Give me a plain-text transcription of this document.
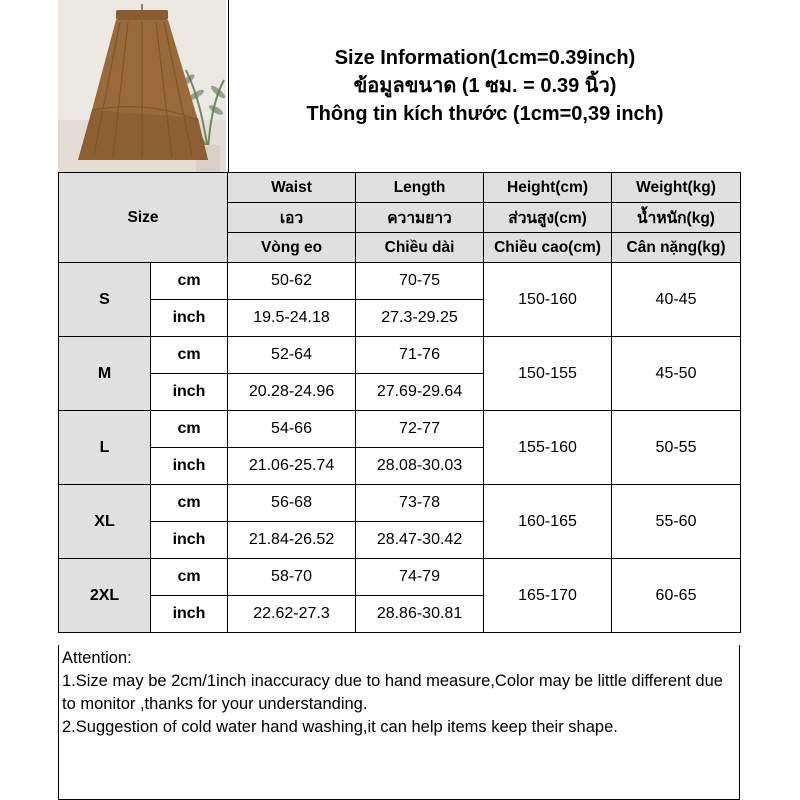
Size Information(1cm=0.39inch)
ข้อมูลขนาด (1 ซม. = 0.39 นิ้ว)
Thông tin kích thước (1cm=0,39 inch)
Size		Waist	Length	Height(cm)	Weight(kg)
		เอว	ความยาว	ส่วนสูง(cm)	น้ำหนัก(kg)
		Vòng eo	Chiều dài	Chiều cao(cm)	Cân nặng(kg)
S	cm	50-62	70-75	150-160	40-45
	inch	19.5-24.18	27.3-29.25		
M	cm	52-64	71-76	150-155	45-50
	inch	20.28-24.96	27.69-29.64		
L	cm	54-66	72-77	155-160	50-55
	inch	21.06-25.74	28.08-30.03		
XL	cm	56-68	73-78	160-165	55-60
	inch	21.84-26.52	28.47-30.42		
2XL	cm	58-70	74-79	165-170	60-65
	inch	22.62-27.3	28.86-30.81		
Attention:
1.Size may be 2cm/1inch inaccuracy due to hand measure,Color may be little different due to monitor ,thanks for your understanding.
2.Suggestion of cold water hand washing,it can help items keep their shape.
